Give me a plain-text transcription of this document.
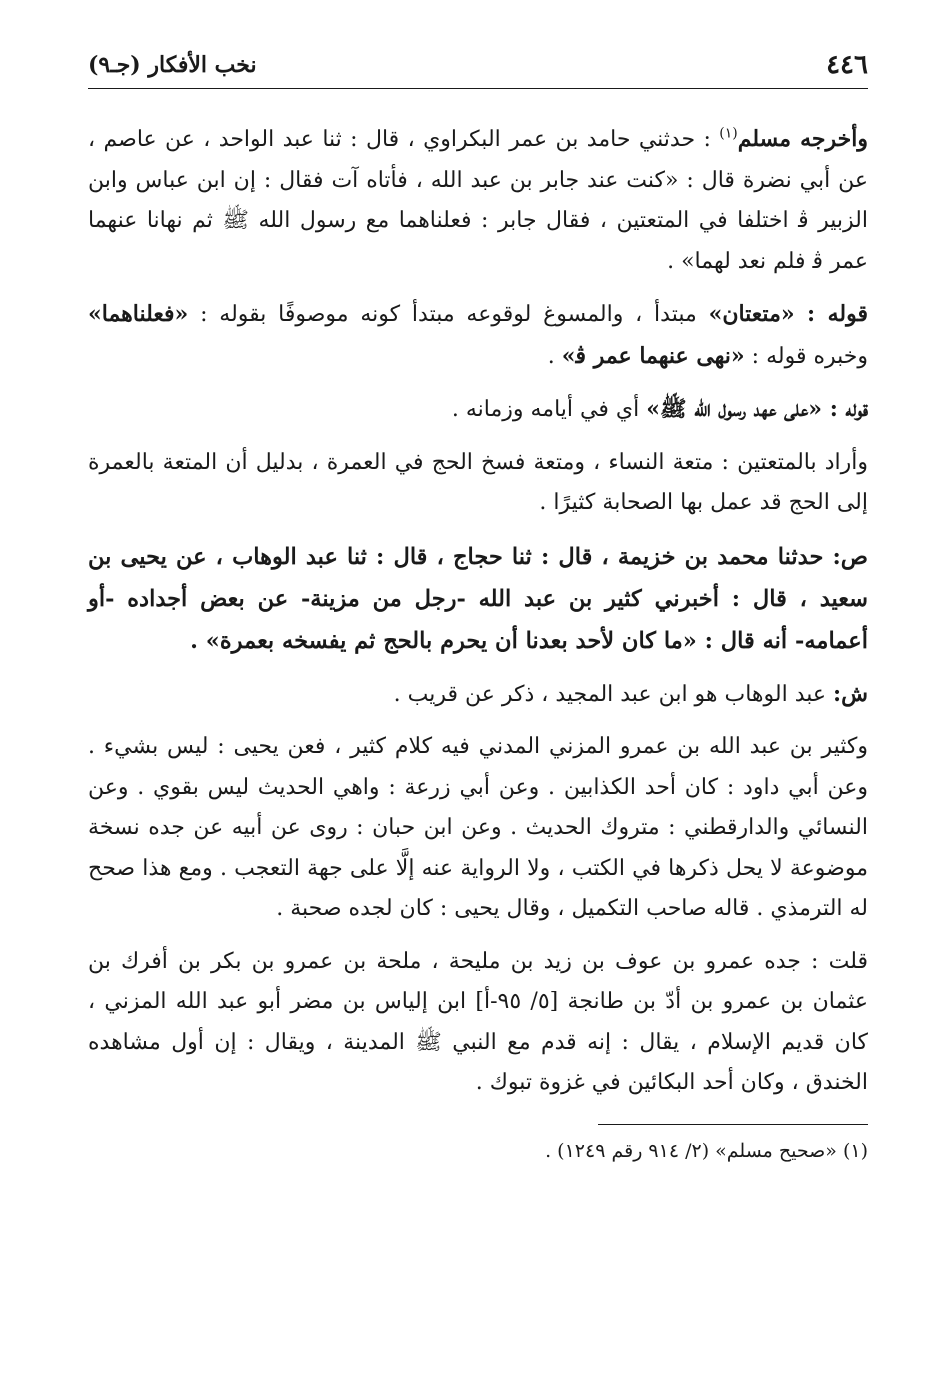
٤٤٦
نخب الأفكار (جـ٩)

وأخرجه مسلم$^{(١)}$ : حدثني حامد بن عمر البكراوي ، قال : ثنا عبد الواحد ، عن عاصم ، عن أبي نضرة قال : «كنت عند جابر بن عبد الله ، فأتاه آت فقال : إن ابن عباس وابن الزبير ﭬ اختلفا في المتعتين ، فقال جابر : فعلناهما مع رسول الله ﷺ ثم نهانا عنهما عمر ﭬ فلم نعد لهما» .

قوله : «متعتان» مبتدأ ، والمسوغ لوقوعه مبتدأ كونه موصوفًا بقوله : «فعلناهما» وخبره قوله : «نهى عنهما عمر ﭬ» .

قوله : «على عهد رسول الله ﷺ» أي في أيامه وزمانه .

وأراد بالمتعتين : متعة النساء ، ومتعة فسخ الحج في العمرة ، بدليل أن المتعة بالعمرة إلى الحج قد عمل بها الصحابة كثيرًا .

ص: حدثنا محمد بن خزيمة ، قال : ثنا حجاج ، قال : ثنا عبد الوهاب ، عن يحيى بن سعيد ، قال : أخبرني كثير بن عبد الله -رجل من مزينة- عن بعض أجداده -أو أعمامه- أنه قال : «ما كان لأحد بعدنا أن يحرم بالحج ثم يفسخه بعمرة» .

ش: عبد الوهاب هو ابن عبد المجيد ، ذكر عن قريب .

وكثير بن عبد الله بن عمرو المزني المدني فيه كلام كثير ، فعن يحيى : ليس بشيء . وعن أبي داود : كان أحد الكذابين . وعن أبي زرعة : واهي الحديث ليس بقوي . وعن النسائي والدارقطني : متروك الحديث . وعن ابن حبان : روى عن أبيه عن جده نسخة موضوعة لا يحل ذكرها في الكتب ، ولا الرواية عنه إلَّا على جهة التعجب . ومع هذا صحح له الترمذي . قاله صاحب التكميل ، وقال يحيى : كان لجده صحبة .

قلت : جده عمرو بن عوف بن زيد بن مليحة ، ملحة بن عمرو بن بكر بن أفرك بن عثمان بن عمرو بن أدّ بن طانجة [٥/ ٩٥-أ] ابن إلياس بن مضر أبو عبد الله المزني ، كان قديم الإسلام ، يقال : إنه قدم مع النبي ﷺ المدينة ، ويقال : إن أول مشاهده الخندق ، وكان أحد البكائين في غزوة تبوك .

(١) «صحيح مسلم» (٢/ ٩١٤ رقم ١٢٤٩) .
